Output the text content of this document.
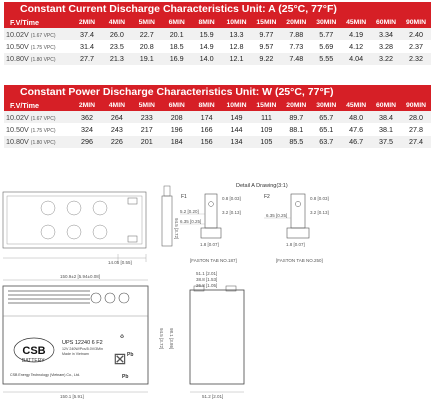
Constant Current Discharge Characteristics Unit: A (25°C, 77°F)
F.V/Time	2MIN	4MIN	5MIN	6MIN	8MIN	10MIN	15MIN	20MIN	30MIN	45MIN	60MIN	90MIN
10.02V (1.67 VPC)	37.4	26.0	22.7	20.1	15.9	13.3	9.77	7.88	5.77	4.19	3.34	2.40
10.50V (1.75 VPC)	31.4	23.5	20.8	18.5	14.9	12.8	9.57	7.73	5.69	4.12	3.28	2.37
10.80V (1.80 VPC)	27.7	21.3	19.1	16.9	14.0	12.1	9.22	7.48	5.55	4.04	3.22	2.32
Constant Power Discharge Characteristics Unit: W (25°C, 77°F)
F.V/Time	2MIN	4MIN	5MIN	6MIN	8MIN	10MIN	15MIN	20MIN	30MIN	45MIN	60MIN	90MIN
10.02V (1.67 VPC)	362	264	233	208	174	149	111	89.7	65.7	48.0	38.4	28.0
10.50V (1.75 VPC)	324	243	217	196	166	144	109	88.1	65.1	47.6	38.1	27.8
10.80V (1.80 VPC)	296	226	201	184	156	134	105	85.5	63.7	46.7	37.5	27.4
14.05 [0.55]
94.5 [3.72]
Detail A Drawing(3:1)
F1
5.2 [0.20]
6.35 [0.25]
0.8 [0.03]
3.2 [0.13]
1.8 [0.07]
[FASTON TAB NO.187]
F2
6.35 [0.25]
0.8 [0.03]
3.2 [0.13]
1.8 [0.07]
[FASTON TAB NO.250]
150.9±2 [5.94±0.08]
♻
Pb
CSB
BATTERY
UPS 12240 6 F2
12V 240W/Pcs/5.0V/3Min
Made in Vietnam
CSB Energy Technology (Vietnam) Co., Ltd.
⊠
Pb
150.1 [5.91]
94.5 [3.72] 98.1 [3.86]
51.1 [2.01]
38.8 [1.53]
26.8 [1.05]
51.2 [2.01]
